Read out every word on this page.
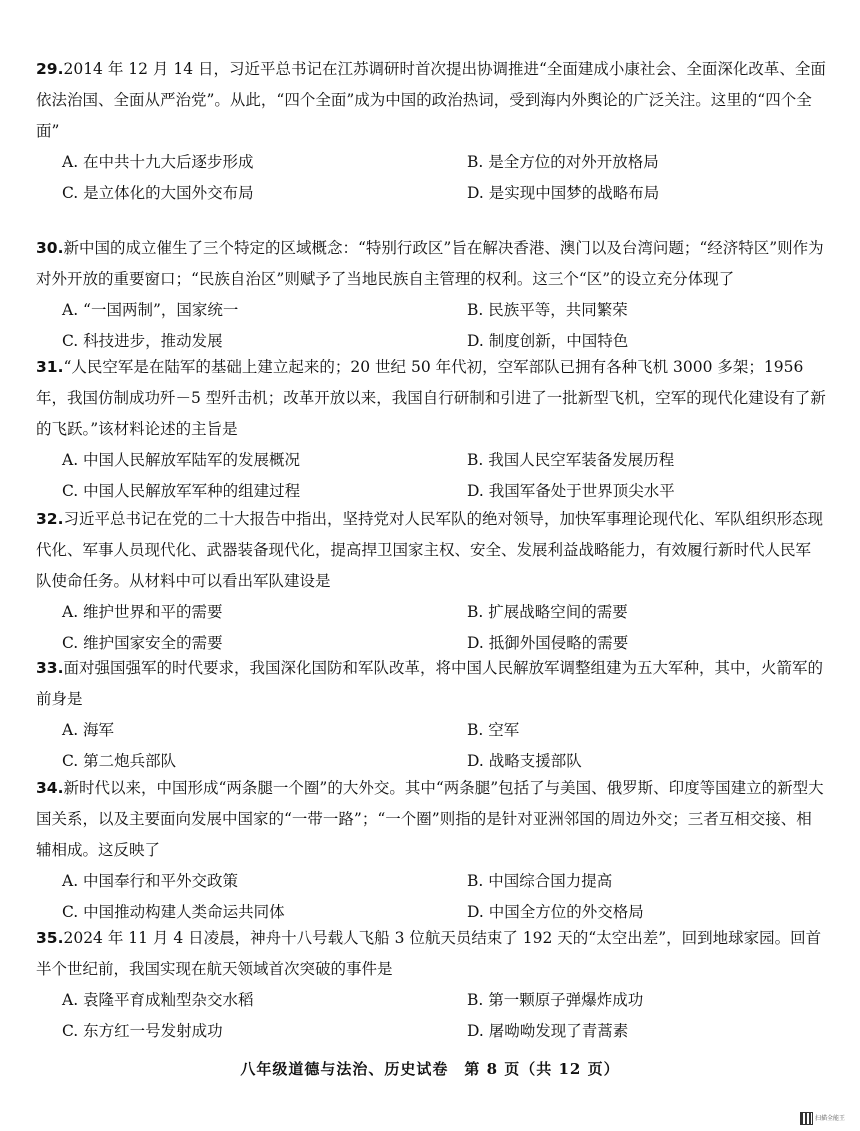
29.2014 年 12 月 14 日，习近平总书记在江苏调研时首次提出协调推进“全面建成小康社会、全面深化改革、全面依法治国、全面从严治党”。从此，“四个全面”成为中国的政治热词，受到海内外舆论的广泛关注。这里的“四个全面”

A. 在中共十九大后逐步形成	B. 是全方位的对外开放格局
C. 是立体化的大国外交布局	D. 是实现中国梦的战略布局

30.新中国的成立催生了三个特定的区域概念：“特别行政区”旨在解决香港、澳门以及台湾问题；“经济特区”则作为对外开放的重要窗口；“民族自治区”则赋予了当地民族自主管理的权利。这三个“区”的设立充分体现了

A. “一国两制”，国家统一	B. 民族平等，共同繁荣
C. 科技进步，推动发展	D. 制度创新，中国特色

31.“人民空军是在陆军的基础上建立起来的；20 世纪 50 年代初，空军部队已拥有各种飞机 3000 多架；1956 年，我国仿制成功歼－5 型歼击机；改革开放以来，我国自行研制和引进了一批新型飞机，空军的现代化建设有了新的飞跃。”该材料论述的主旨是

A. 中国人民解放军陆军的发展概况	B. 我国人民空军装备发展历程
C. 中国人民解放军军种的组建过程	D. 我国军备处于世界顶尖水平

32.习近平总书记在党的二十大报告中指出，坚持党对人民军队的绝对领导，加快军事理论现代化、军队组织形态现代化、军事人员现代化、武器装备现代化，提高捍卫国家主权、安全、发展利益战略能力，有效履行新时代人民军队使命任务。从材料中可以看出军队建设是

A. 维护世界和平的需要	B. 扩展战略空间的需要
C. 维护国家安全的需要	D. 抵御外国侵略的需要

33.面对强国强军的时代要求，我国深化国防和军队改革，将中国人民解放军调整组建为五大军种，其中，火箭军的前身是

A. 海军	B. 空军
C. 第二炮兵部队	D. 战略支援部队

34.新时代以来，中国形成“两条腿一个圈”的大外交。其中“两条腿”包括了与美国、俄罗斯、印度等国建立的新型大国关系，以及主要面向发展中国家的“一带一路”；“一个圈”则指的是针对亚洲邻国的周边外交；三者互相交接、相辅相成。这反映了

A. 中国奉行和平外交政策	B. 中国综合国力提高
C. 中国推动构建人类命运共同体	D. 中国全方位的外交格局

35.2024 年 11 月 4 日凌晨，神舟十八号载人飞船 3 位航天员结束了 192 天的“太空出差”，回到地球家园。回首半个世纪前，我国实现在航天领域首次突破的事件是

A. 袁隆平育成籼型杂交水稻	B. 第一颗原子弹爆炸成功
C. 东方红一号发射成功	D. 屠呦呦发现了青蒿素
八年级道德与法治、历史试卷　第 8 页（共 12 页）
扫描全能王
